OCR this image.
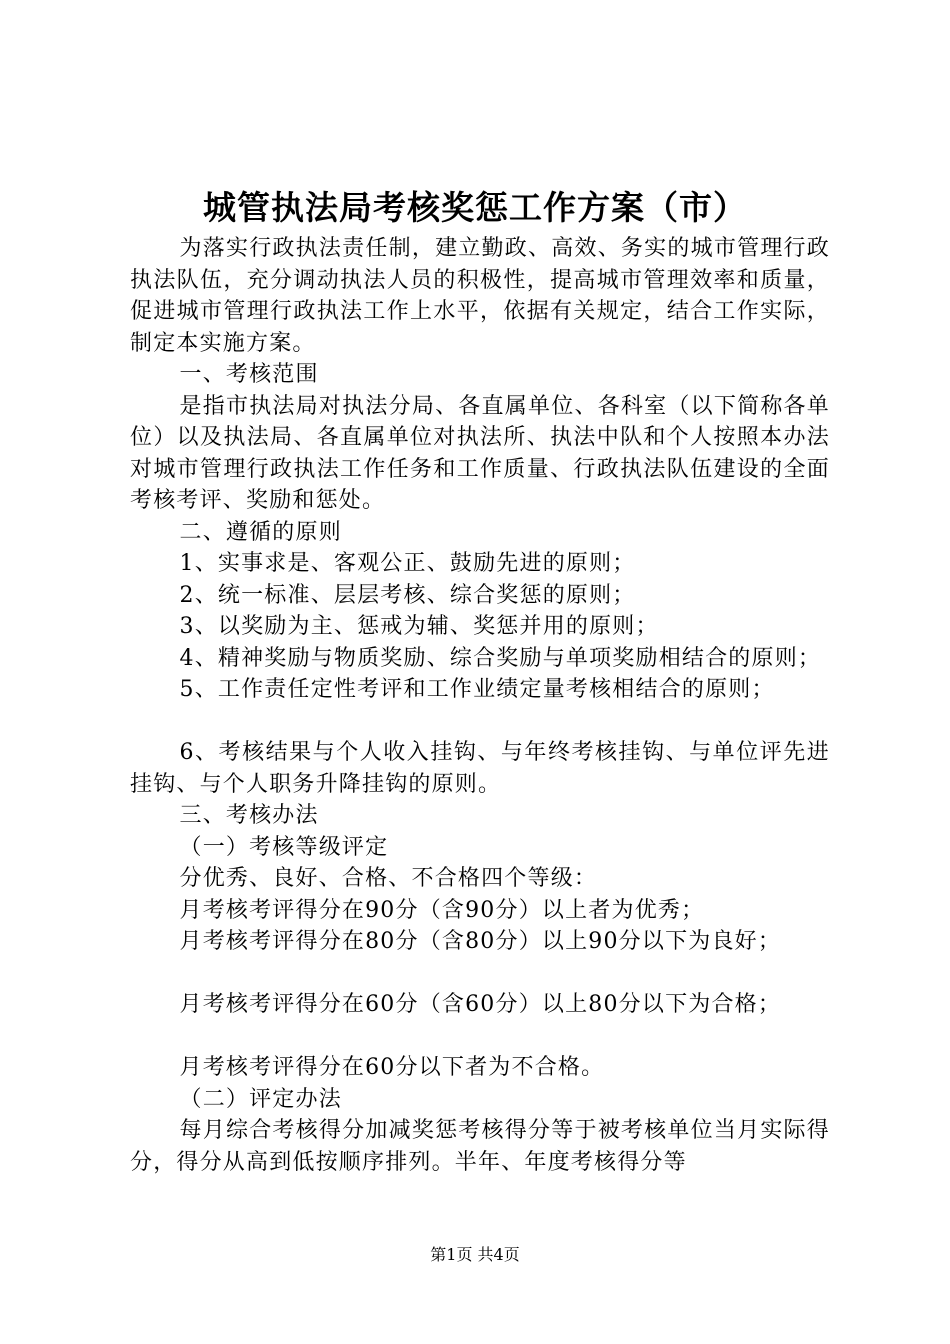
城管执法局考核奖惩工作方案（市）

为落实行政执法责任制，建立勤政、高效、务实的城市管理行政执法队伍，充分调动执法人员的积极性，提高城市管理效率和质量，促进城市管理行政执法工作上水平，依据有关规定，结合工作实际，制定本实施方案。

一、考核范围

是指市执法局对执法分局、各直属单位、各科室（以下简称各单位）以及执法局、各直属单位对执法所、执法中队和个人按照本办法对城市管理行政执法工作任务和工作质量、行政执法队伍建设的全面考核考评、奖励和惩处。

二、遵循的原则

1、实事求是、客观公正、鼓励先进的原则；

2、统一标准、层层考核、综合奖惩的原则；

3、以奖励为主、惩戒为辅、奖惩并用的原则；

4、精神奖励与物质奖励、综合奖励与单项奖励相结合的原则；

5、工作责任定性考评和工作业绩定量考核相结合的原则；

6、考核结果与个人收入挂钩、与年终考核挂钩、与单位评先进挂钩、与个人职务升降挂钩的原则。

三、考核办法

（一）考核等级评定

分优秀、良好、合格、不合格四个等级：

月考核考评得分在90分（含90分）以上者为优秀；

月考核考评得分在80分（含80分）以上90分以下为良好；

月考核考评得分在60分（含60分）以上80分以下为合格；

月考核考评得分在60分以下者为不合格。

（二）评定办法

每月综合考核得分加减奖惩考核得分等于被考核单位当月实际得分，得分从高到低按顺序排列。半年、年度考核得分等

第1页 共4页
